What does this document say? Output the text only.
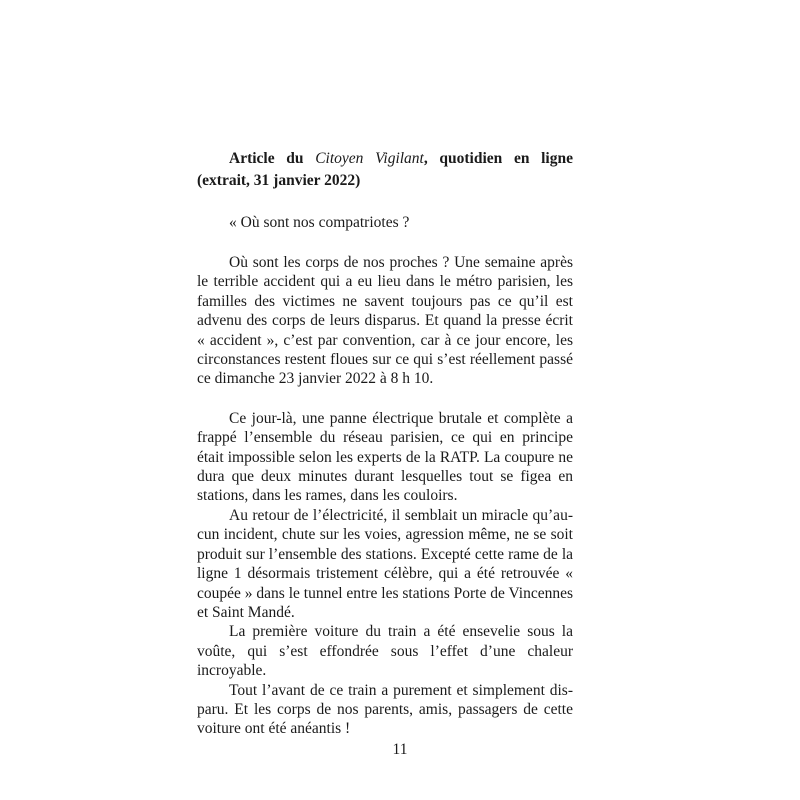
Article du Citoyen Vigilant, quotidien en ligne (extrait, 31 janvier 2022)

« Où sont nos compatriotes ?

Où sont les corps de nos proches ? Une semaine après le terrible accident qui a eu lieu dans le métro parisien, les familles des victimes ne savent toujours pas ce qu’il est advenu des corps de leurs disparus. Et quand la presse écrit « accident », c’est par convention, car à ce jour encore, les circonstances restent floues sur ce qui s’est réellement passé ce dimanche 23 janvier 2022 à 8 h 10.

Ce jour-là, une panne électrique brutale et complète a frappé l’ensemble du réseau parisien, ce qui en principe était impossible selon les experts de la RATP. La coupure ne dura que deux minutes durant lesquelles tout se figea en stations, dans les rames, dans les couloirs.

Au retour de l’électricité, il semblait un miracle qu’aucun incident, chute sur les voies, agression même, ne se soit produit sur l’ensemble des stations. Excepté cette rame de la ligne 1 désormais tristement célèbre, qui a été retrouvée « coupée » dans le tunnel entre les stations Porte de Vincennes et Saint Mandé.

La première voiture du train a été ensevelie sous la voûte, qui s’est effondrée sous l’effet d’une chaleur incroyable.

Tout l’avant de ce train a purement et simplement disparu. Et les corps de nos parents, amis, passagers de cette voiture ont été anéantis !

11
